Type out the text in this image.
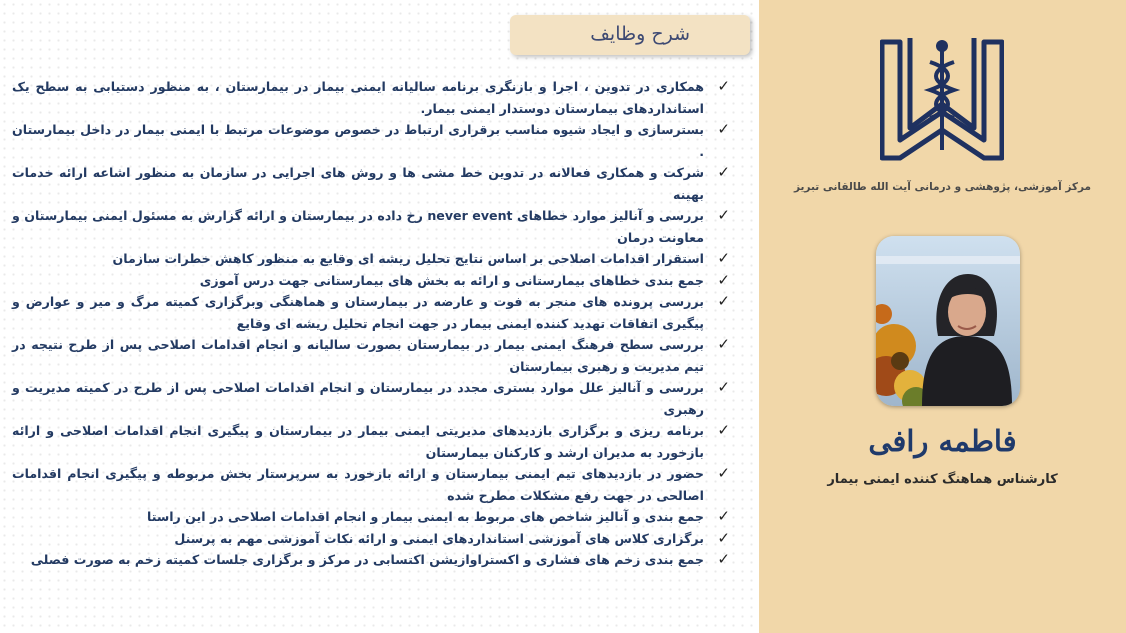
مرکز آموزشی، پژوهشی و درمانی آیت الله طالقانی تبریز
فاطمه رافی
کارشناس هماهنگ کننده ایمنی بیمار
شرح وظایف
✓
همکاری در تدوین ، اجرا و بازنگری برنامه سالیانه ایمنی بیمار در بیمارستان ، به منظور دستیابی به سطح یک استانداردهای بیمارستان دوستدار ایمنی بیمار.
✓
بسترسازی و ایجاد شیوه مناسب برقراری ارتباط در خصوص موضوعات مرتبط با ایمنی بیمار در داخل بیمارستان .
✓
شرکت و همکاری فعالانه در تدوین خط مشی ها و روش های اجرایی در سازمان به منظور اشاعه ارائه خدمات بهینه
✓
بررسی و آنالیز موارد خطاهای never event رخ داده در بیمارستان و ارائه گزارش به مسئول ایمنی بیمارستان و معاونت درمان
✓
استقرار اقدامات اصلاحی بر اساس نتایج تحلیل ریشه ای وقایع به منظور کاهش خطرات سازمان
✓
جمع بندی خطاهای بیمارستانی و ارائه به بخش های بیمارستانی جهت درس آموزی
✓
بررسی پرونده های منجر به فوت و عارضه در بیمارستان و هماهنگی وبرگزاری کمیته مرگ و میر و عوارض و پیگیری اتفاقات تهدید کننده ایمنی بیمار در جهت انجام تحلیل ریشه ای وقایع
✓
بررسی سطح فرهنگ ایمنی بیمار در بیمارستان بصورت سالیانه و انجام اقدامات اصلاحی پس از طرح نتیجه در تیم مدیریت و رهبری بیمارستان
✓
بررسی و آنالیز علل موارد بستری مجدد در بیمارستان و انجام اقدامات اصلاحی پس از طرح در کمیته مدیریت و رهبری
✓
برنامه ریزی و برگزاری بازدیدهای مدیریتی ایمنی بیمار در بیمارستان و پیگیری انجام اقدامات اصلاحی و ارائه بازخورد به مدیران ارشد و کارکنان بیمارستان
✓
حضور در بازدیدهای تیم ایمنی بیمارستان و ارائه بازخورد به سرپرستار بخش مربوطه و پیگیری انجام اقدامات اصالحی در جهت رفع مشکلات مطرح شده
✓
جمع بندی و آنالیز شاخص های مربوط به ایمنی بیمار و انجام اقدامات اصلاحی در این راستا
✓
برگزاری کلاس های آموزشی استانداردهای ایمنی و ارائه نکات آموزشی مهم به پرسنل
✓
جمع بندی زخم های فشاری و اکستراوازیشن اکتسابی در مرکز و برگزاری جلسات کمیته زخم به صورت فصلی
